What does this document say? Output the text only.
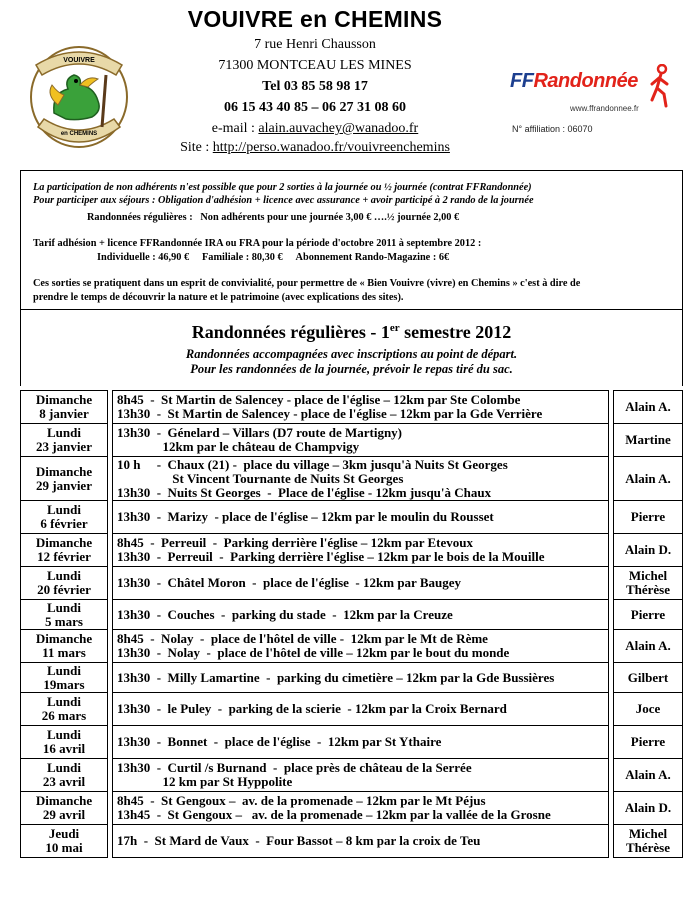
VOUIVRE
en CHEMINS
VOUIVRE en CHEMINS
7 rue Henri Chausson
71300 MONTCEAU LES MINES
Tel 03 85 58 98 17
06 15 43 40 85 – 06 27 31 08 60
e-mail : alain.auvachey@wanadoo.fr
Site : http://perso.wanadoo.fr/vouivreenchemins
FFRandonnée
www.ffrandonnee.fr
N° affiliation : 06070
La participation de non adhérents n'est possible que pour 2 sorties à la journée ou ½ journée (contrat FFRandonnée)
Pour participer aux séjours : Obligation d'adhésion + licence avec assurance + avoir participé à 2 rando de la journée
Randonnées régulières : Non adhérents pour une journée 3,00 € ….½ journée 2,00 €
Tarif adhésion + licence FFRandonnée IRA ou FRA pour la période d'octobre 2011 à septembre 2012 :
Individuelle : 46,90 € Familiale : 80,30 € Abonnement Rando-Magazine : 6€
Ces sorties se pratiquent dans un esprit de convivialité, pour permettre de « Bien Vouivre (vivre) en Chemins » c'est à dire de
prendre le temps de découvrir la nature et le patrimoine (avec explications des sites).
Randonnées régulières - 1er semestre 2012
Randonnées accompagnées avec inscriptions au point de départ.
Pour les randonnées de la journée, prévoir le repas tiré du sac.
Dimanche
8 janvier		8h45  -  St Martin de Salencey - place de l'église – 12km par Ste Colombe
13h30  -  St Martin de Salencey - place de l'église – 12km par la Gde Verrière		Alain A.

Lundi
23 janvier		13h30  -  Génelard – Villars (D7 route de Martigny)
12km par le château de Champvigy		Martine

Dimanche
29 janvier		10 h     -  Chaux (21) -  place du village – 3km jusqu'à Nuits St Georges
St Vincent Tournante de Nuits St Georges
13h30  -  Nuits St Georges  -  Place de l'église - 12km jusqu'à Chaux		Alain A.

Lundi
6 février		13h30  -  Marizy  - place de l'église – 12km par le moulin du Rousset		Pierre

Dimanche
12 février		8h45  -  Perreuil  -  Parking derrière l'église – 12km par Etevoux
13h30  -  Perreuil  -  Parking derrière l'église – 12km par le bois de la Mouille		Alain D.

Lundi
20 février		13h30  -  Châtel Moron  -  place de l'église  - 12km par Baugey		Michel
Thérèse

Lundi
5 mars		13h30  -  Couches  -  parking du stade  -  12km par la Creuze		Pierre

Dimanche
11 mars		8h45  -  Nolay  -  place de l'hôtel de ville -  12km par le Mt de Rème
13h30  -  Nolay  -  place de l'hôtel de ville – 12km par le bout du monde		Alain A.

Lundi
19mars		13h30  -  Milly Lamartine  -  parking du cimetière – 12km par la Gde Bussières		Gilbert

Lundi
26 mars		13h30  -  le Puley  -  parking de la scierie  - 12km par la Croix Bernard		Joce

Lundi
16 avril		13h30  -  Bonnet  -  place de l'église  -  12km par St Ythaire		Pierre

Lundi
23 avril		13h30  -  Curtil /s Burnand  -  place près de château de la Serrée
12 km par St Hyppolite		Alain A.

Dimanche
29 avril		8h45  -  St Gengoux –  av. de la promenade – 12km par le Mt Péjus
13h45  -  St Gengoux –   av. de la promenade – 12km par la vallée de la Grosne		Alain D.

Jeudi
10 mai		17h  -  St Mard de Vaux  -  Four Bassot – 8 km par la croix de Teu		Michel
Thérèse
